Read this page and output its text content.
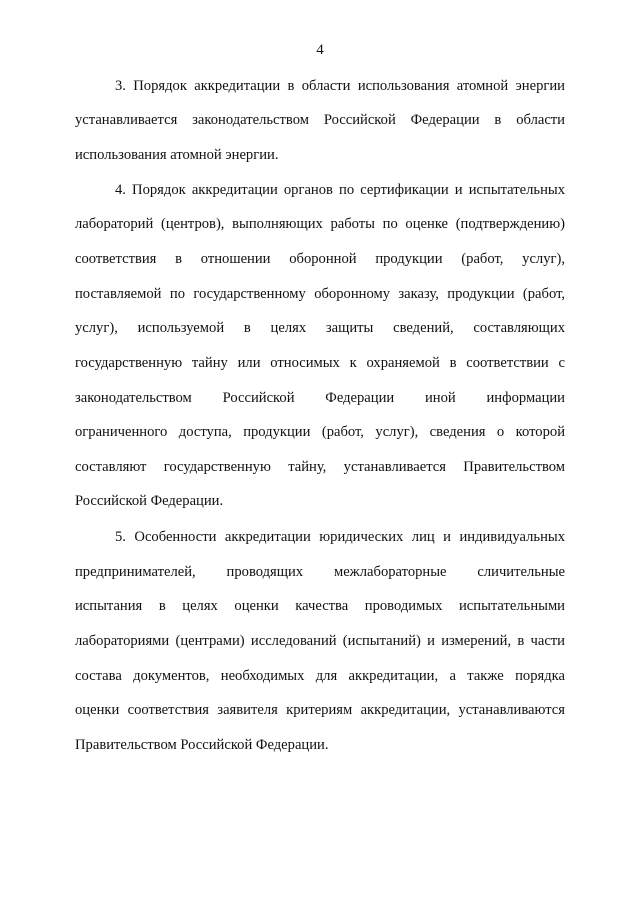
4
3. Порядок аккредитации в области использования атомной энергии
устанавливается законодательством Российской Федерации в области
использования атомной энергии.
4. Порядок аккредитации органов по сертификации и испытательных
лабораторий (центров), выполняющих работы по оценке (подтверждению)
соответствия в отношении оборонной продукции (работ, услуг),
поставляемой по государственному оборонному заказу, продукции (работ,
услуг), используемой в целях защиты сведений, составляющих
государственную тайну или относимых к охраняемой в соответствии с
законодательством Российской Федерации иной информации
ограниченного доступа, продукции (работ, услуг), сведения о которой
составляют государственную тайну, устанавливается Правительством
Российской Федерации.
5. Особенности аккредитации юридических лиц и индивидуальных
предпринимателей, проводящих межлабораторные сличительные
испытания в целях оценки качества проводимых испытательными
лабораториями (центрами) исследований (испытаний) и измерений, в части
состава документов, необходимых для аккредитации, а также порядка
оценки соответствия заявителя критериям аккредитации, устанавливаются
Правительством Российской Федерации.
